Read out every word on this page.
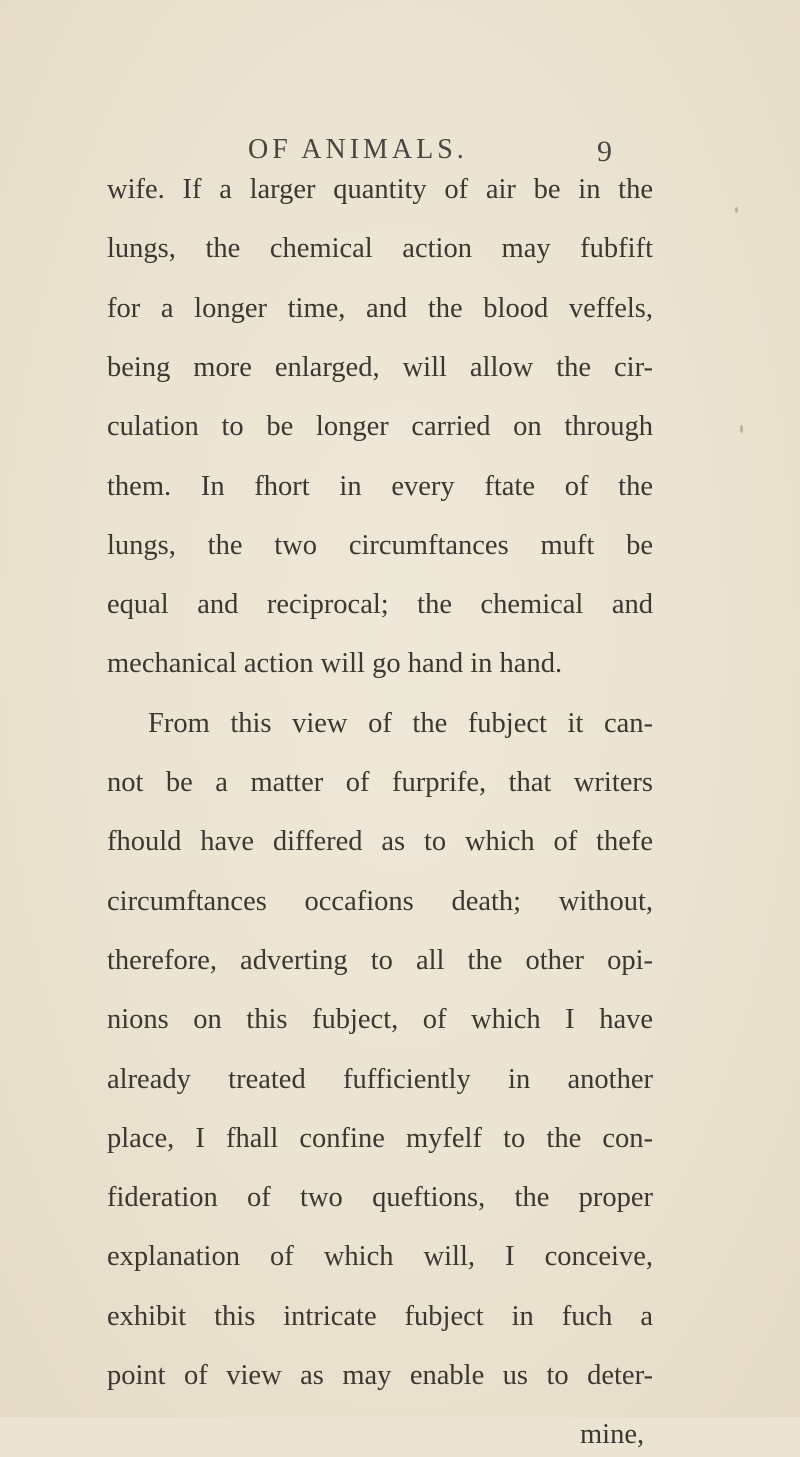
OF ANIMALS.	9
wife. If a larger quantity of air be in the
lungs, the chemical action may fubfift
for a longer time, and the blood veffels,
being more enlarged, will allow the cir-
culation to be longer carried on through
them. In fhort in every ftate of the
lungs, the two circumftances muft be
equal and reciprocal; the chemical and
mechanical action will go hand in hand.
From this view of the fubject it can-
not be a matter of furprife, that writers
fhould have differed as to which of thefe
circumftances occafions death; without,
therefore, adverting to all the other opi-
nions on this fubject, of which I have
already treated fufficiently in another
place, I fhall confine myfelf to the con-
fideration of two queftions, the proper
explanation of which will, I conceive,
exhibit this intricate fubject in fuch a
point of view as may enable us to deter-
mine,
